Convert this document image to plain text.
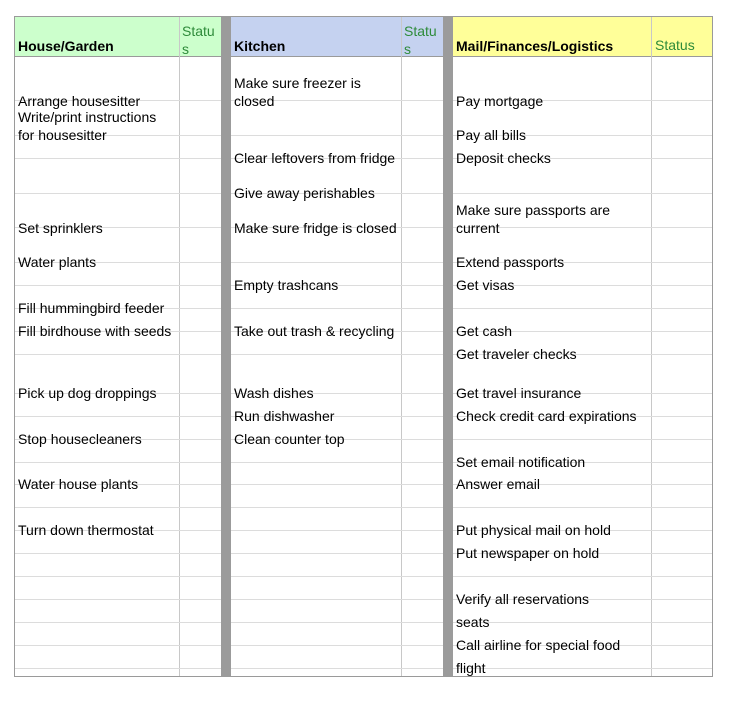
House/Garden
Status
Arrange housesitter
Write/print instructions
for housesitter
Set sprinklers
Water plants
Fill hummingbird feeder
Fill birdhouse with seeds
Pick up dog droppings
Stop housecleaners
Water house plants
Turn down thermostat
Kitchen
Status
Make sure freezer is
closed
Clear leftovers from fridge
Give away perishables
Make sure fridge is closed
Empty trashcans
Take out trash & recycling
Wash dishes
Run dishwasher
Clean counter top
Mail/Finances/Logistics	Status
Pay mortgage
Pay all bills
Deposit checks
Make sure passports are
current
Extend passports
Get visas
Get cash
Get traveler checks
Get travel insurance
Check credit card expirations
Set email notification
Answer email
Put physical mail on hold
Put newspaper on hold
Verify all reservations
seats
Call airline for special food
flight
